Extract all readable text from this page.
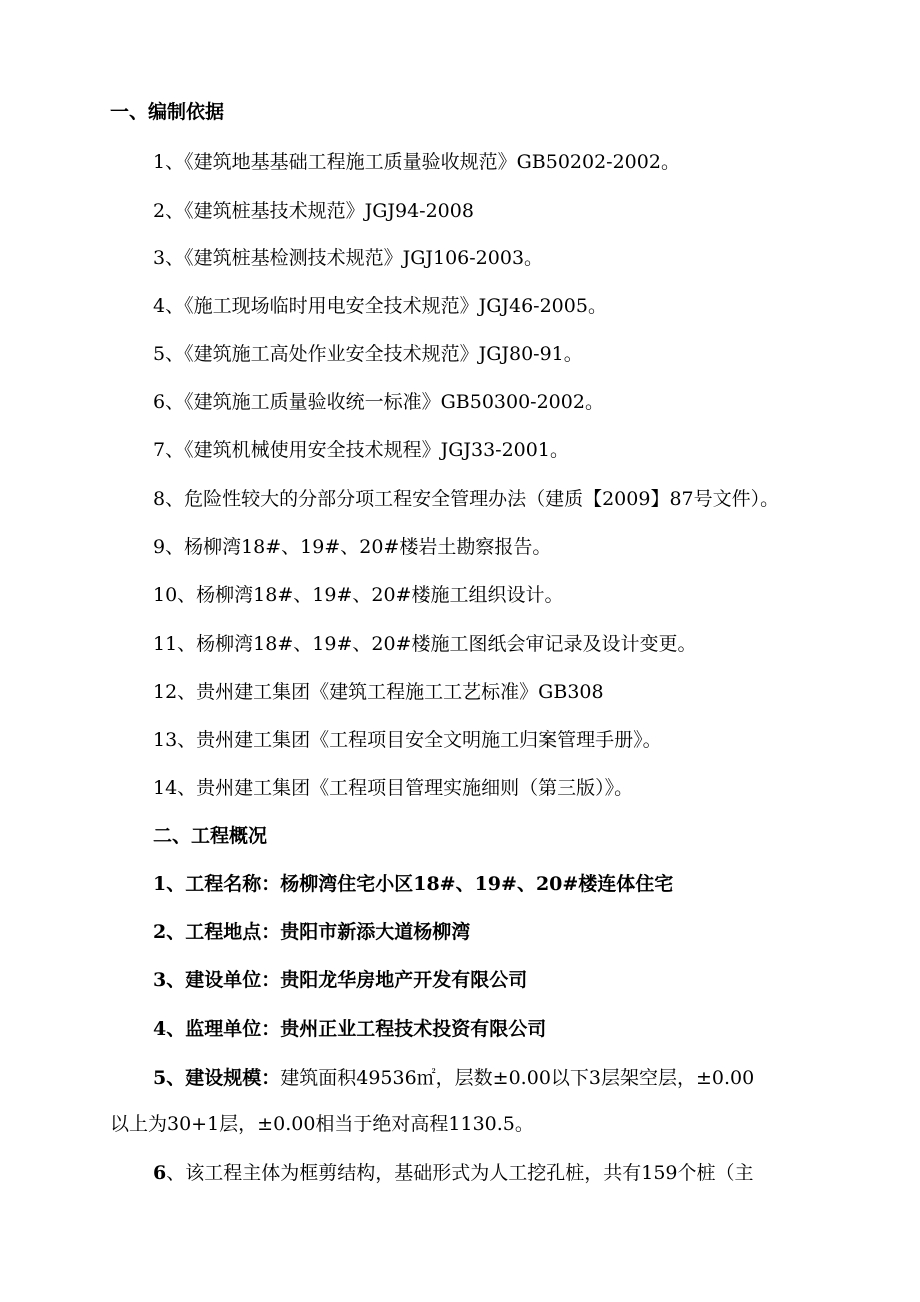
一、编制依据
1、《建筑地基基础工程施工质量验收规范》GB50202-2002。
2、《建筑桩基技术规范》JGJ94-2008
3、《建筑桩基检测技术规范》JGJ106-2003。
4、《施工现场临时用电安全技术规范》JGJ46-2005。
5、《建筑施工高处作业安全技术规范》JGJ80-91。
6、《建筑施工质量验收统一标准》GB50300-2002。
7、《建筑机械使用安全技术规程》JGJ33-2001。
8、危险性较大的分部分项工程安全管理办法（建质【2009】87号文件）。
9、杨柳湾18#、19#、20#楼岩土勘察报告。
10、杨柳湾18#、19#、20#楼施工组织设计。
11、杨柳湾18#、19#、20#楼施工图纸会审记录及设计变更。
12、贵州建工集团《建筑工程施工工艺标准》GB308
13、贵州建工集团《工程项目安全文明施工归案管理手册》。
14、贵州建工集团《工程项目管理实施细则（第三版）》。
二、工程概况
1、工程名称：杨柳湾住宅小区18#、19#、20#楼连体住宅
2、工程地点：贵阳市新添大道杨柳湾
3、建设单位：贵阳龙华房地产开发有限公司
4、监理单位：贵州正业工程技术投资有限公司
5、建设规模：建筑面积49536㎡，层数±0.00以下3层架空层，±0.00
以上为30+1层，±0.00相当于绝对高程1130.5。
6、该工程主体为框剪结构，基础形式为人工挖孔桩，共有159个桩（主
